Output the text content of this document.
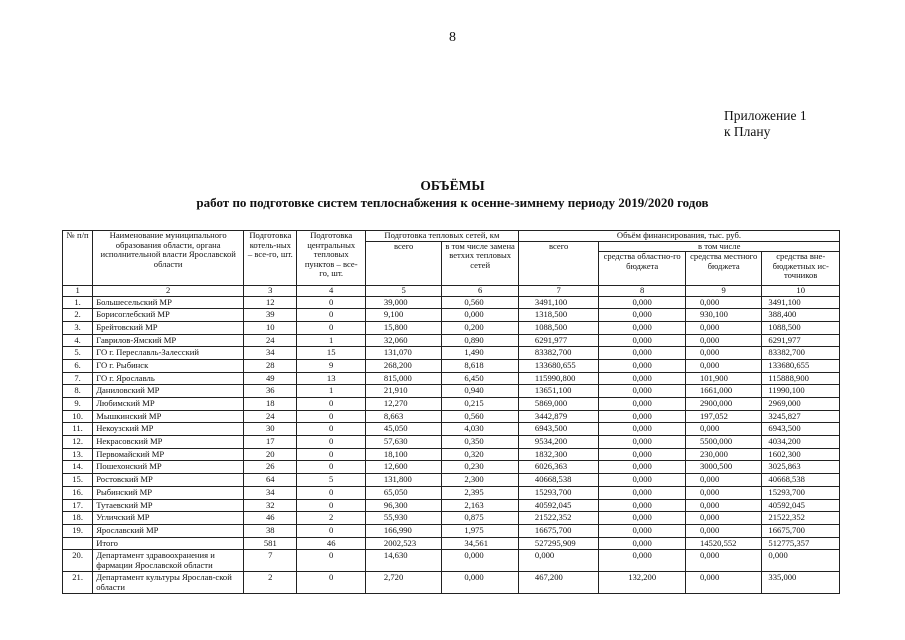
8
Приложение 1
к Плану
ОБЪЁМЫ
работ по подготовке систем теплоснабжения к осенне-зимнему периоду 2019/2020 годов
№ п/п	Наименование муниципального образования области, органа исполнительной власти Ярославской области	Подготовка котель-ных – все-го, шт.	Подготовка центральных тепловых пунктов – все-го, шт.	Подготовка тепловых сетей, км		Объём финансирования, тыс. руб.			
				всего	в том числе замена ветхих тепловых сетей	всего	в том числе		
							средства областно-го бюджета	средства местного бюджета	средства вне-бюджетных ис-точников
1	2	3	4	5	6	7	8	9	10
1.	Большесельский МР	12	0	39,000	0,560	3491,100	0,000	0,000	3491,100
2.	Борисоглебский МР	39	0	9,100	0,000	1318,500	0,000	930,100	388,400
3.	Брейтовский МР	10	0	15,800	0,200	1088,500	0,000	0,000	1088,500
4.	Гаврилов-Ямский МР	24	1	32,060	0,890	6291,977	0,000	0,000	6291,977
5.	ГО г. Переславль-Залесский	34	15	131,070	1,490	83382,700	0,000	0,000	83382,700
6.	ГО г. Рыбинск	28	9	268,200	8,618	133680,655	0,000	0,000	133680,655
7.	ГО г. Ярославль	49	13	815,000	6,450	115990,800	0,000	101,900	115888,900
8.	Даниловский МР	36	1	21,910	0,940	13651,100	0,000	1661,000	11990,100
9.	Любимский МР	18	0	12,270	0,215	5869,000	0,000	2900,000	2969,000
10.	Мышкинский МР	24	0	8,663	0,560	3442,879	0,000	197,052	3245,827
11.	Некоузский МР	30	0	45,050	4,030	6943,500	0,000	0,000	6943,500
12.	Некрасовский МР	17	0	57,630	0,350	9534,200	0,000	5500,000	4034,200
13.	Первомайский МР	20	0	18,100	0,320	1832,300	0,000	230,000	1602,300
14.	Пошехонский МР	26	0	12,600	0,230	6026,363	0,000	3000,500	3025,863
15.	Ростовский МР	64	5	131,800	2,300	40668,538	0,000	0,000	40668,538
16.	Рыбинский МР	34	0	65,050	2,395	15293,700	0,000	0,000	15293,700
17.	Тутаевский МР	32	0	96,300	2,163	40592,045	0,000	0,000	40592,045
18.	Угличский МР	46	2	55,930	0,875	21522,352	0,000	0,000	21522,352
19.	Ярославский МР	38	0	166,990	1,975	16675,700	0,000	0,000	16675,700
	Итого	581	46	2002,523	34,561	527295,909	0,000	14520,552	512775,357
20.	Департамент здравоохранения и фармации Ярославской области	7	0	14,630	0,000	0,000	0,000	0,000	0,000
21.	Департамент культуры Ярослав-ской области	2	0	2,720	0,000	467,200	132,200	0,000	335,000
